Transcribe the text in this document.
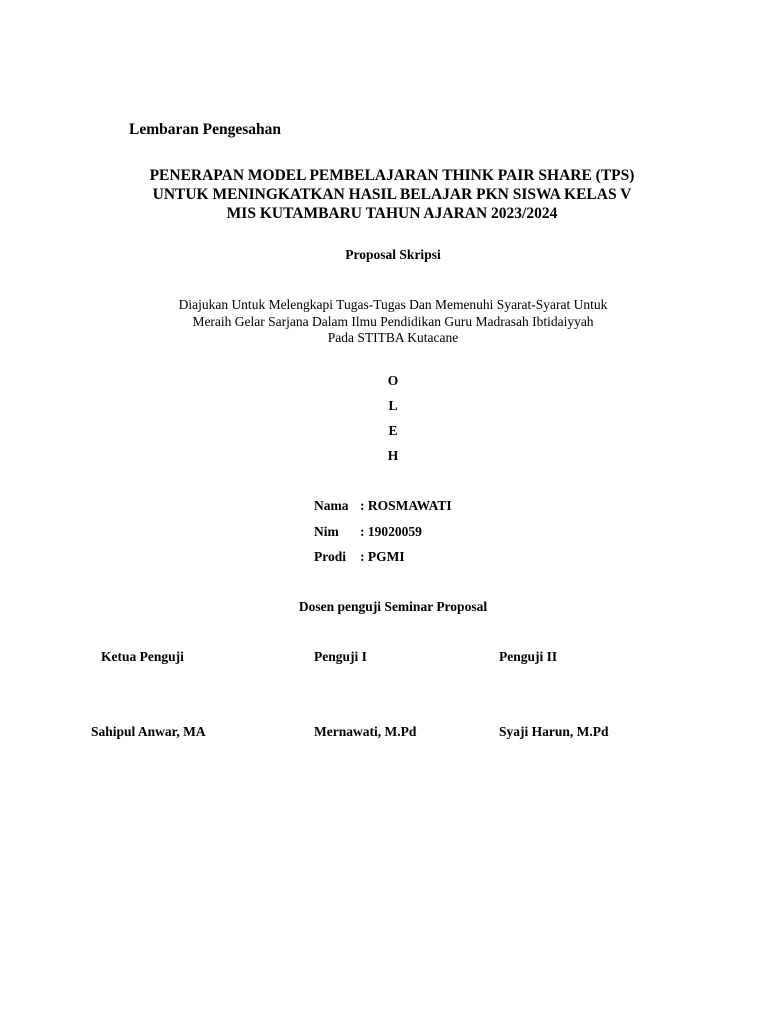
Lembaran Pengesahan

PENERAPAN MODEL PEMBELAJARAN THINK PAIR SHARE (TPS)
UNTUK MENINGKATKAN HASIL BELAJAR PKN SISWA KELAS V
MIS KUTAMBARU TAHUN AJARAN 2023/2024

Proposal Skripsi

Diajukan Untuk Melengkapi Tugas-Tugas Dan Memenuhi Syarat-Syarat Untuk
Meraih Gelar Sarjana Dalam Ilmu Pendidikan Guru Madrasah Ibtidaiyyah
Pada STITBA Kutacane

O

L

E

H

Nama : ROSMAWATI

Nim : 19020059

Prodi : PGMI

Dosen penguji Seminar Proposal

Ketua Penguji	Penguji I	Penguji II

Sahipul Anwar, MA	Mernawati, M.Pd	Syaji Harun, M.Pd
